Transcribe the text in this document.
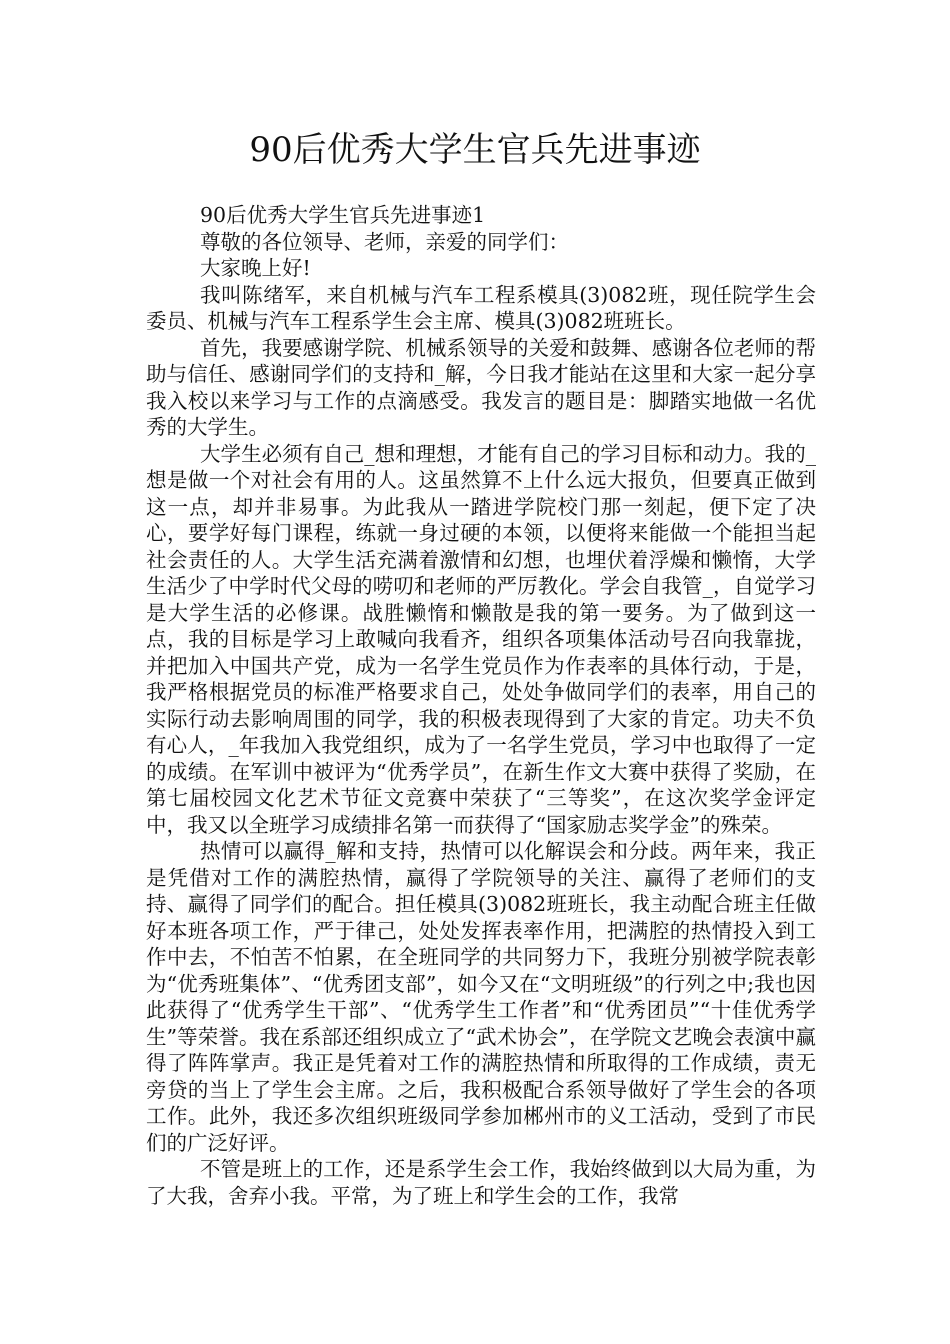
90后优秀大学生官兵先进事迹

90后优秀大学生官兵先进事迹1

尊敬的各位领导、老师，亲爱的同学们：

大家晚上好!

我叫陈绪军，来自机械与汽车工程系模具(3)082班，现任院学生会委员、机械与汽车工程系学生会主席、模具(3)082班班长。

首先，我要感谢学院、机械系领导的关爱和鼓舞、感谢各位老师的帮助与信任、感谢同学们的支持和_解，今日我才能站在这里和大家一起分享我入校以来学习与工作的点滴感受。我发言的题目是：脚踏实地做一名优秀的大学生。

大学生必须有自己_想和理想，才能有自己的学习目标和动力。我的_想是做一个对社会有用的人。这虽然算不上什么远大报负，但要真正做到这一点，却并非易事。为此我从一踏进学院校门那一刻起，便下定了决心，要学好每门课程，练就一身过硬的本领，以便将来能做一个能担当起社会责任的人。大学生活充满着激情和幻想，也埋伏着浮燥和懒惰，大学生活少了中学时代父母的唠叨和老师的严厉教化。学会自我管_，自觉学习是大学生活的必修课。战胜懒惰和懒散是我的第一要务。为了做到这一点，我的目标是学习上敢喊向我看齐，组织各项集体活动号召向我靠拢，并把加入中国共产党，成为一名学生党员作为作表率的具体行动，于是，我严格根据党员的标准严格要求自己，处处争做同学们的表率，用自己的实际行动去影响周围的同学，我的积极表现得到了大家的肯定。功夫不负有心人，_年我加入我党组织，成为了一名学生党员，学习中也取得了一定的成绩。在军训中被评为“优秀学员”，在新生作文大赛中获得了奖励，在第七届校园文化艺术节征文竞赛中荣获了“三等奖”，在这次奖学金评定中，我又以全班学习成绩排名第一而获得了“国家励志奖学金”的殊荣。

热情可以赢得_解和支持，热情可以化解误会和分歧。两年来，我正是凭借对工作的满腔热情，赢得了学院领导的关注、赢得了老师们的支持、赢得了同学们的配合。担任模具(3)082班班长，我主动配合班主任做好本班各项工作，严于律己，处处发挥表率作用，把满腔的热情投入到工作中去，不怕苦不怕累，在全班同学的共同努力下，我班分别被学院表彰为“优秀班集体”、“优秀团支部”，如今又在“文明班级”的行列之中;我也因此获得了“优秀学生干部”、“优秀学生工作者”和“优秀团员”“十佳优秀学生”等荣誉。我在系部还组织成立了“武术协会”，在学院文艺晚会表演中赢得了阵阵掌声。我正是凭着对工作的满腔热情和所取得的工作成绩，责无旁贷的当上了学生会主席。之后，我积极配合系领导做好了学生会的各项工作。此外，我还多次组织班级同学参加郴州市的义工活动，受到了市民们的广泛好评。

不管是班上的工作，还是系学生会工作，我始终做到以大局为重，为了大我，舍弃小我。平常，为了班上和学生会的工作，我常
